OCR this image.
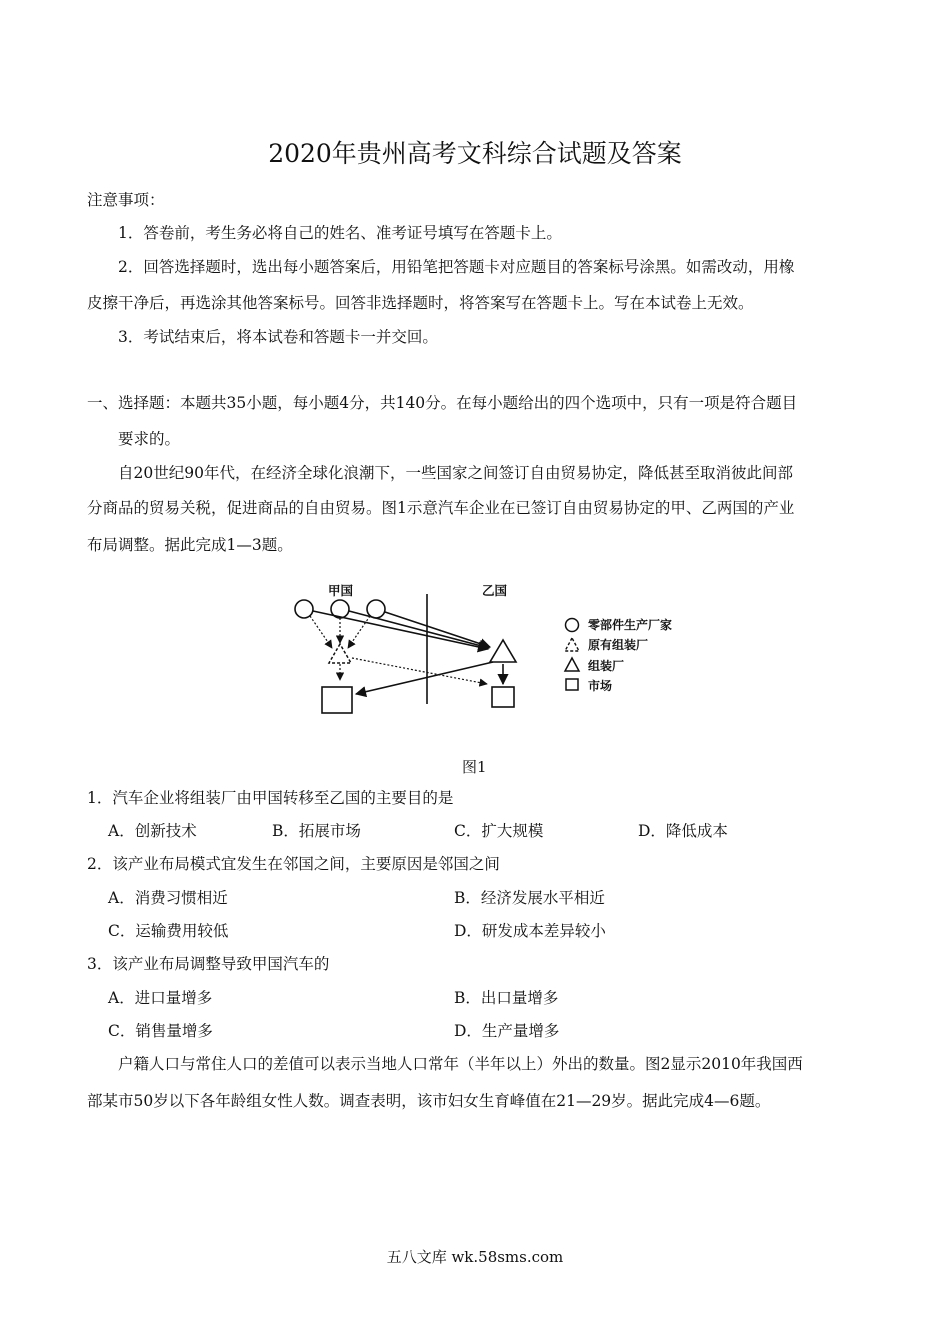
2020年贵州高考文科综合试题及答案
注意事项：
1．答卷前，考生务必将自己的姓名、准考证号填写在答题卡上。
2．回答选择题时，选出每小题答案后，用铅笔把答题卡对应题目的答案标号涂黑。如需改动，用橡
皮擦干净后，再选涂其他答案标号。回答非选择题时，将答案写在答题卡上。写在本试卷上无效。
3．考试结束后，将本试卷和答题卡一并交回。
一、选择题：本题共35小题，每小题4分，共140分。在每小题给出的四个选项中，只有一项是符合题目
要求的。
自20世纪90年代，在经济全球化浪潮下，一些国家之间签订自由贸易协定，降低甚至取消彼此间部
分商品的贸易关税，促进商品的自由贸易。图1示意汽车企业在已签订自由贸易协定的甲、乙两国的产业
布局调整。据此完成1—3题。
甲国	乙国
零部件生产厂家
原有组装厂
组装厂
市场
图1
1．汽车企业将组装厂由甲国转移至乙国的主要目的是
A．创新技术	B．拓展市场	C．扩大规模	D．降低成本
2．该产业布局模式宜发生在邻国之间，主要原因是邻国之间
A．消费习惯相近	B．经济发展水平相近
C．运输费用较低	D．研发成本差异较小
3．该产业布局调整导致甲国汽车的
A．进口量增多	B．出口量增多
C．销售量增多	D．生产量增多
户籍人口与常住人口的差值可以表示当地人口常年（半年以上）外出的数量。图2显示2010年我国西
部某市50岁以下各年龄组女性人数。调查表明，该市妇女生育峰值在21—29岁。据此完成4—6题。
五八文库 wk.58sms.com
